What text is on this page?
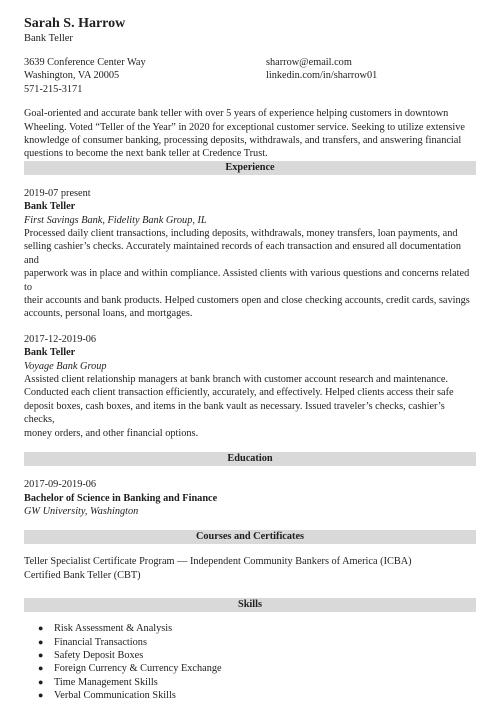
Sarah S. Harrow
Bank Teller
3639 Conference Center Way
Washington, VA 20005
571-215-3171
sharrow@email.com
linkedin.com/in/sharrow01
Goal-oriented and accurate bank teller with over 5 years of experience helping customers in downtown
Wheeling. Voted “Teller of the Year” in 2020 for exceptional customer service. Seeking to utilize extensive
knowledge of consumer banking, processing deposits, withdrawals, and transfers, and answering financial
questions to become the next bank teller at Credence Trust.
Experience
2019-07 present
Bank Teller
First Savings Bank, Fidelity Bank Group, IL
Processed daily client transactions, including deposits, withdrawals, money transfers, loan payments, and
selling cashier’s checks. Accurately maintained records of each transaction and ensured all documentation and
paperwork was in place and within compliance. Assisted clients with various questions and concerns related to
their accounts and bank products. Helped customers open and close checking accounts, credit cards, savings
accounts, personal loans, and mortgages.
2017-12-2019-06
Bank Teller
Voyage Bank Group
Assisted client relationship managers at bank branch with customer account research and maintenance.
Conducted each client transaction efficiently, accurately, and effectively. Helped clients access their safe
deposit boxes, cash boxes, and items in the bank vault as necessary. Issued traveler’s checks, cashier’s checks,
money orders, and other financial options.
Education
2017-09-2019-06
Bachelor of Science in Banking and Finance
GW University, Washington
Courses and Certificates
Teller Specialist Certificate Program — Independent Community Bankers of America (ICBA)
Certified Bank Teller (CBT)
Skills
● Risk Assessment & Analysis
● Financial Transactions
● Safety Deposit Boxes
● Foreign Currency & Currency Exchange
● Time Management Skills
● Verbal Communication Skills
